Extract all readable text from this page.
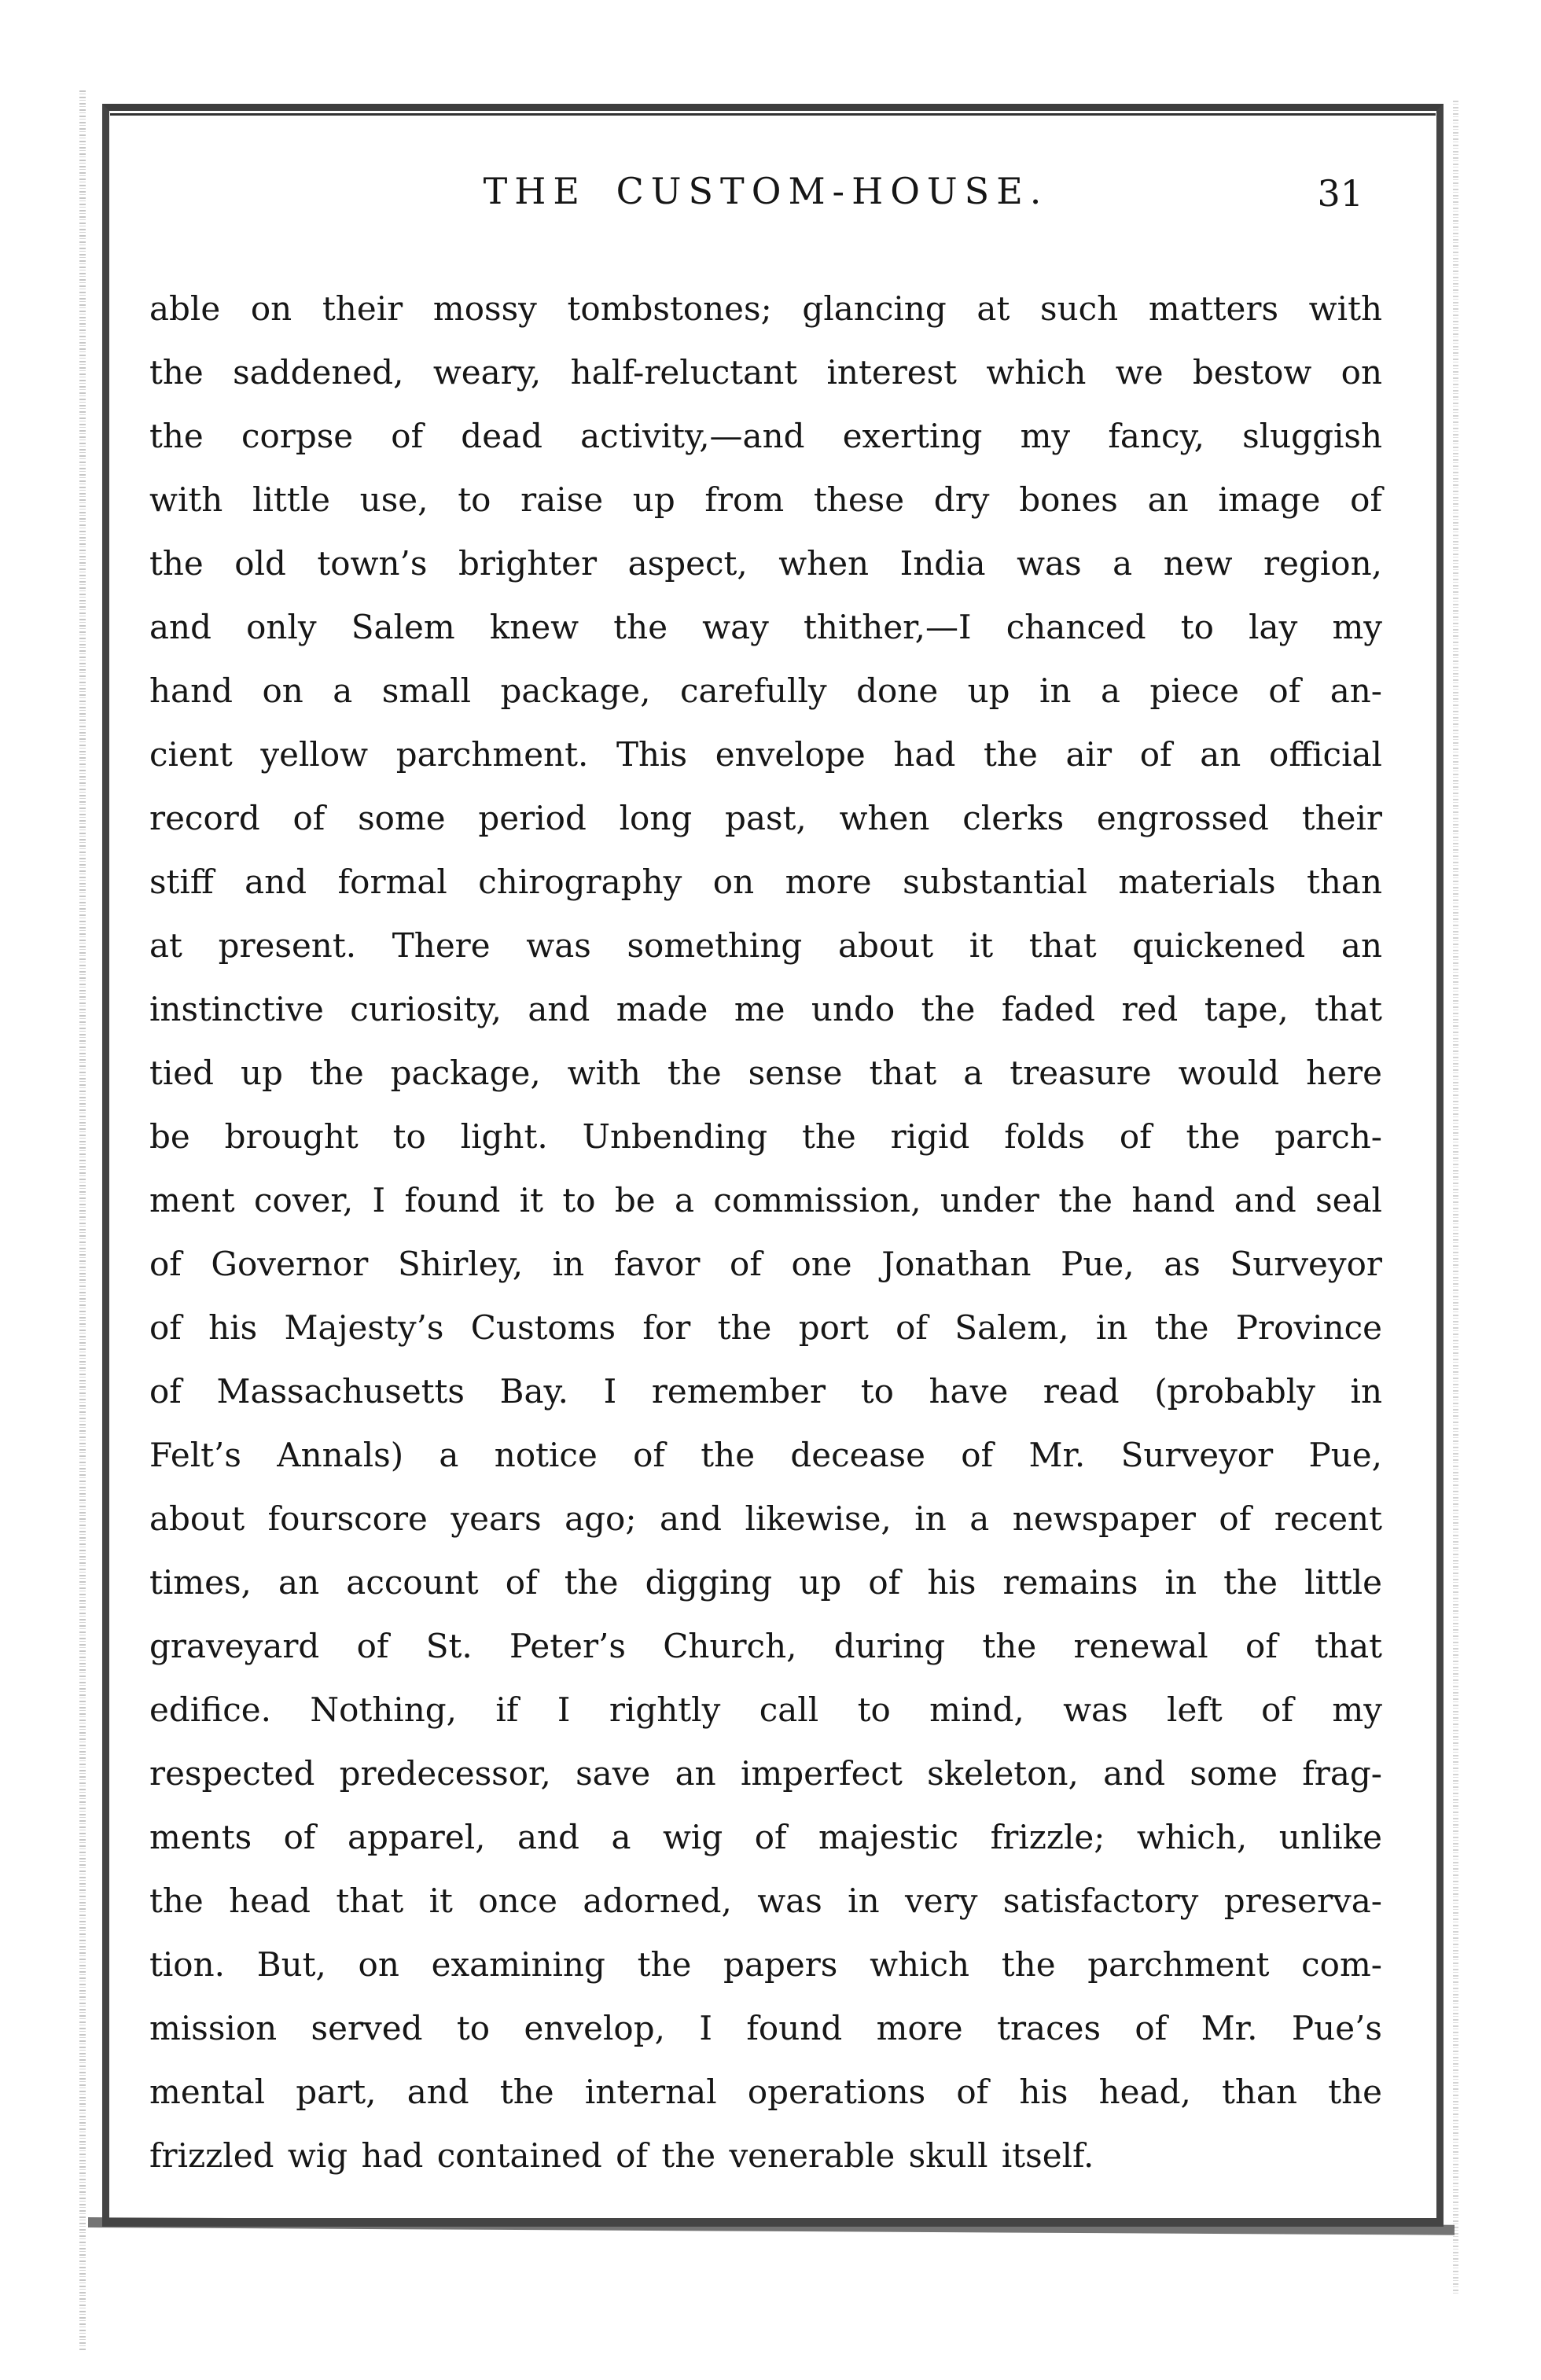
THE CUSTOM-HOUSE.	31
able on their mossy tombstones; glancing at such matters with
the saddened, weary, half-reluctant interest which we bestow on
the corpse of dead activity,—and exerting my fancy, sluggish
with little use, to raise up from these dry bones an image of
the old town’s brighter aspect, when India was a new region,
and only Salem knew the way thither,—I chanced to lay my
hand on a small package, carefully done up in a piece of an-
cient yellow parchment. This envelope had the air of an official
record of some period long past, when clerks engrossed their
stiff and formal chirography on more substantial materials than
at present. There was something about it that quickened an
instinctive curiosity, and made me undo the faded red tape, that
tied up the package, with the sense that a treasure would here
be brought to light. Unbending the rigid folds of the parch-
ment cover, I found it to be a commission, under the hand and seal
of Governor Shirley, in favor of one Jonathan Pue, as Surveyor
of his Majesty’s Customs for the port of Salem, in the Province
of Massachusetts Bay. I remember to have read (probably in
Felt’s Annals) a notice of the decease of Mr. Surveyor Pue,
about fourscore years ago; and likewise, in a newspaper of recent
times, an account of the digging up of his remains in the little
graveyard of St. Peter’s Church, during the renewal of that
edifice. Nothing, if I rightly call to mind, was left of my
respected predecessor, save an imperfect skeleton, and some frag-
ments of apparel, and a wig of majestic frizzle; which, unlike
the head that it once adorned, was in very satisfactory preserva-
tion. But, on examining the papers which the parchment com-
mission served to envelop, I found more traces of Mr. Pue’s
mental part, and the internal operations of his head, than the
frizzled wig had contained of the venerable skull itself.
